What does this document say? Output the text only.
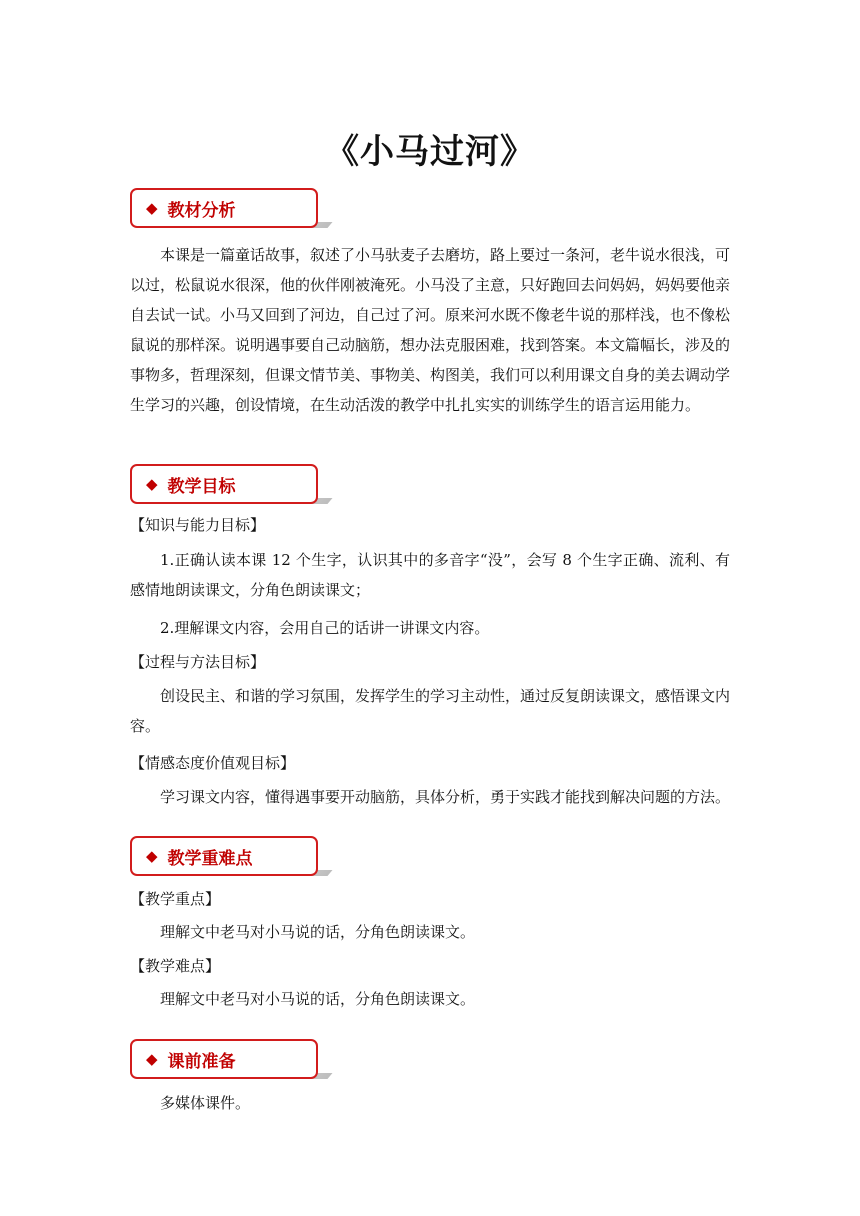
《小马过河》
◆ 教材分析

本课是一篇童话故事，叙述了小马驮麦子去磨坊，路上要过一条河，老牛说水很浅，可以过，松鼠说水很深，他的伙伴刚被淹死。小马没了主意，只好跑回去问妈妈，妈妈要他亲自去试一试。小马又回到了河边，自己过了河。原来河水既不像老牛说的那样浅，也不像松鼠说的那样深。说明遇事要自己动脑筋，想办法克服困难，找到答案。本文篇幅长，涉及的事物多，哲理深刻，但课文情节美、事物美、构图美，我们可以利用课文自身的美去调动学生学习的兴趣，创设情境，在生动活泼的教学中扎扎实实的训练学生的语言运用能力。

◆ 教学目标
【知识与能力目标】

1.正确认读本课 12 个生字，认识其中的多音字“没”，会写 8 个生字正确、流利、有感情地朗读课文，分角色朗读课文；

2.理解课文内容，会用自己的话讲一讲课文内容。

【过程与方法目标】

创设民主、和谐的学习氛围，发挥学生的学习主动性，通过反复朗读课文，感悟课文内容。

【情感态度价值观目标】

学习课文内容，懂得遇事要开动脑筋，具体分析，勇于实践才能找到解决问题的方法。

◆ 教学重难点
【教学重点】

理解文中老马对小马说的话，分角色朗读课文。

【教学难点】

理解文中老马对小马说的话，分角色朗读课文。

◆ 课前准备

多媒体课件。
